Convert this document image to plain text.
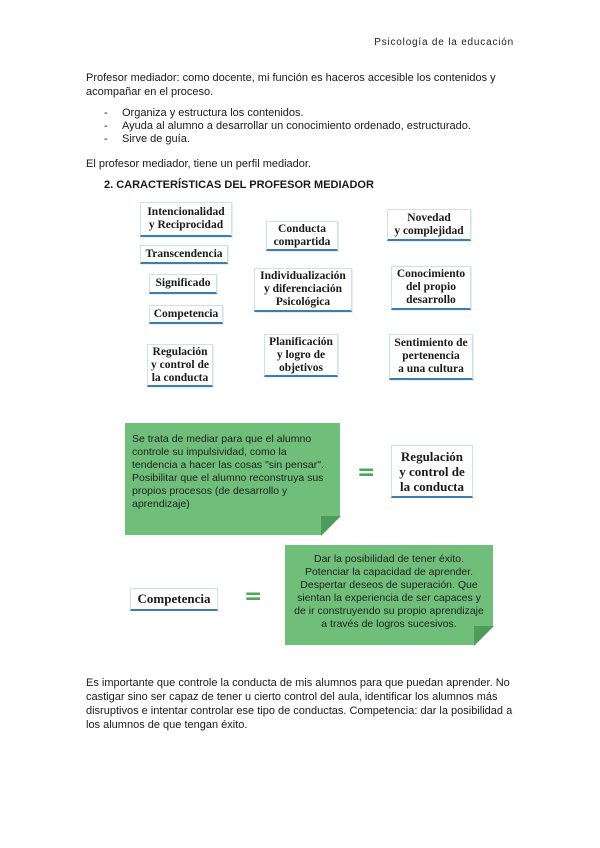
Psicología de la educación

Profesor mediador: como docente, mi función es haceros accesible los contenidos y acompañar en el proceso.

- Organiza y estructura los contenidos.
- Ayuda al alumno a desarrollar un conocimiento ordenado, estructurado.
- Sirve de guía.

El profesor mediador, tiene un perfil mediador.

2. CARACTERÍSTICAS DEL PROFESOR MEDIADOR

Intencionalidad
y Reciprocidad	Conducta
compartida
Novedad
y complejidad
Transcendencia
Significado
Individualización
y diferenciación
Psicológica
Conocimiento
del propio
desarrollo
Competencia
Regulación
y control de
la conducta
Planificación
y logro de
objetivos
Sentimiento de
pertenencia
a una cultura
Se trata de mediar para que el alumno controle su impulsividad, como la tendencia a hacer las cosas "sin pensar". Posibilitar que el alumno reconstruya sus propios procesos (de desarrollo y aprendizaje)
=
Regulación
y control de
la conducta
Competencia	=
Dar la posibilidad de tener éxito. Potenciar la capacidad de aprender. Despertar deseos de superación. Que sientan la experiencia de ser capaces y de ir construyendo su propio aprendizaje a través de logros sucesivos.

Es importante que controle la conducta de mis alumnos para que puedan aprender. No castigar sino ser capaz de tener u cierto control del aula, identificar los alumnos más disruptivos e intentar controlar ese tipo de conductas. Competencia: dar la posibilidad a los alumnos de que tengan éxito.
